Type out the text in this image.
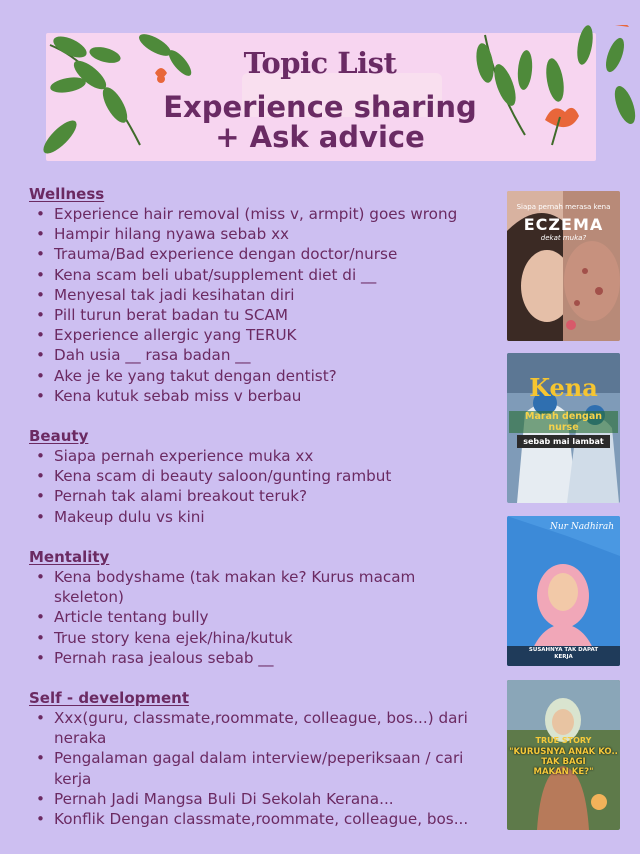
Topic List
Experience sharing
+ Ask advice
Wellness
• Experience hair removal (miss v, armpit) goes wrong
• Hampir hilang nyawa sebab xx
• Trauma/Bad experience dengan doctor/nurse
• Kena scam beli ubat/supplement diet di __
• Menyesal tak jadi kesihatan diri
• Pill turun berat badan tu SCAM
• Experience allergic yang TERUK
• Dah usia __ rasa badan __
• Ake je ke yang takut dengan dentist?
• Kena kutuk sebab miss v berbau
Beauty
• Siapa pernah experience muka xx
• Kena scam di beauty saloon/gunting rambut
• Pernah tak alami breakout teruk?
• Makeup dulu vs kini
Mentality
• Kena bodyshame (tak makan ke? Kurus macam skeleton)
• Article tentang bully
• True story kena ejek/hina/kutuk
• Pernah rasa jealous sebab __
Self - development
• Xxx(guru, classmate,roommate, colleague, bos...) dari neraka
• Pengalaman gagal dalam interview/peperiksaan / cari kerja
• Pernah Jadi Mangsa Buli Di Sekolah Kerana...
• Konflik Dengan classmate,roommate, colleague, bos...
Siapa pernah merasa kena
ECZEMA
dekat muka?
Kena
Marah dengan nurse
sebab mai lambat
Nur Nadhirah
SUSAHNYA TAK DAPAT
KERJA
TRUE STORY
"KURUSNYA ANAK KO..
TAK BAGI
MAKAN KE?"
